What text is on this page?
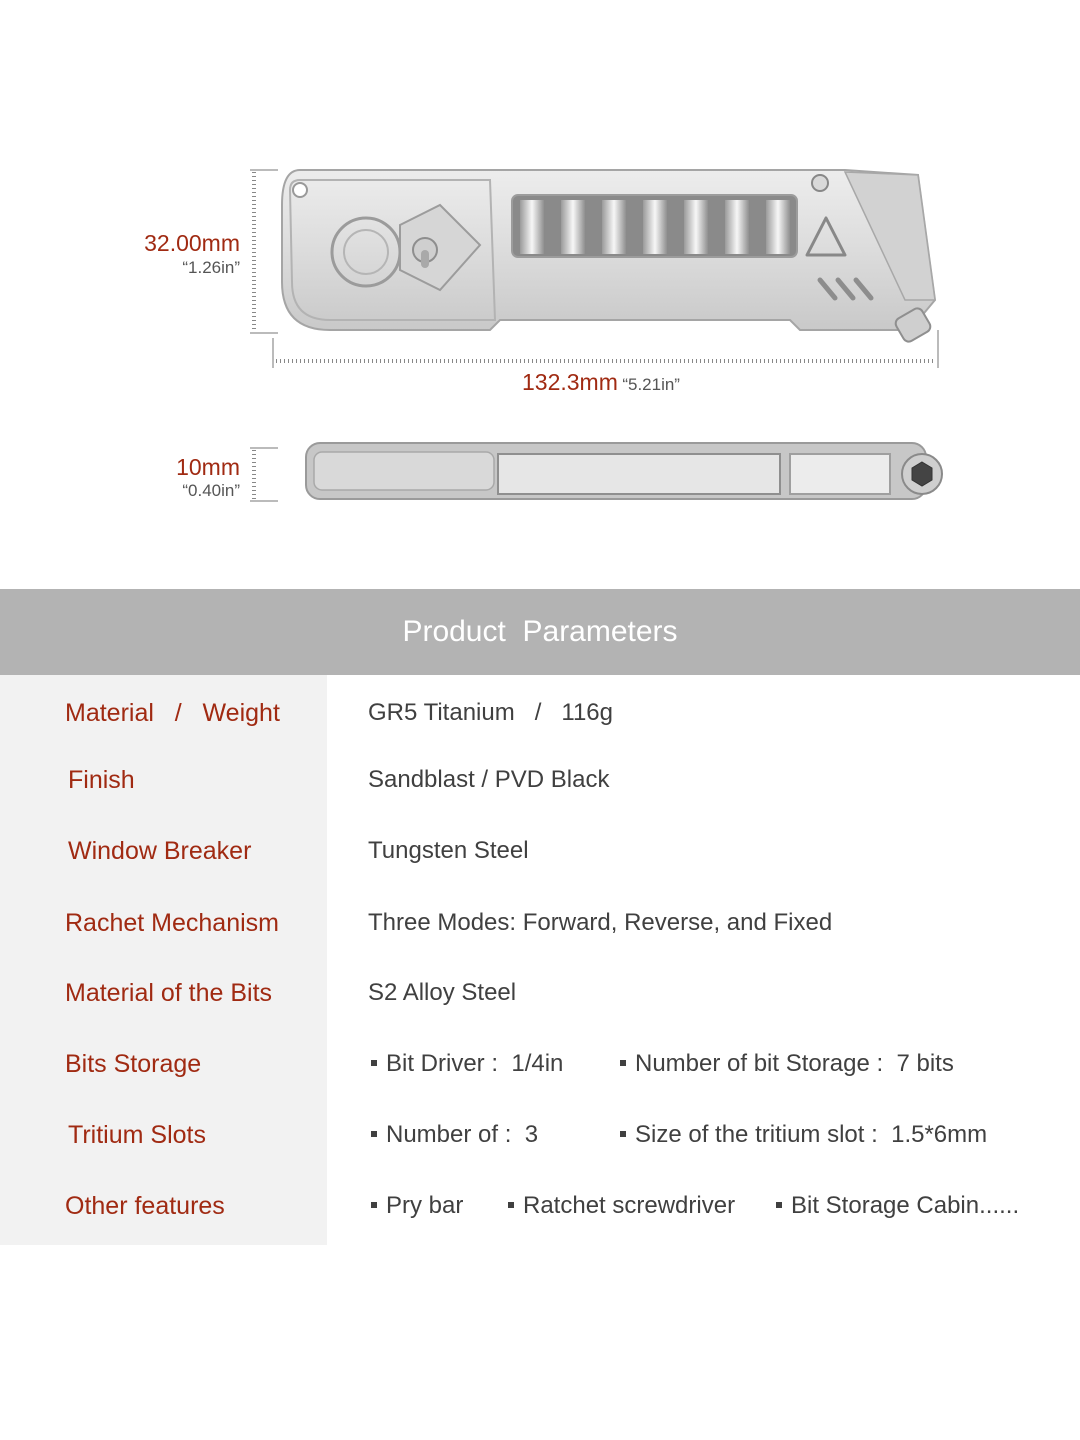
32.00mm
“1.26in”
132.3mm “5.21in”
10mm
“0.40in”
Product  Parameters
Material   /   Weight	GR5 Titanium   /   116g
Finish	Sandblast / PVD Black
Window Breaker	Tungsten Steel
Rachet Mechanism	Three Modes: Forward, Reverse, and Fixed
Material of the Bits	S2 Alloy Steel
Bits Storage	Bit Driver :  1/4in	Number of bit Storage :  7 bits
Tritium Slots	Number of :  3	Size of the tritium slot :  1.5*6mm
Other features	Pry bar	Ratchet screwdriver	Bit Storage Cabin......
